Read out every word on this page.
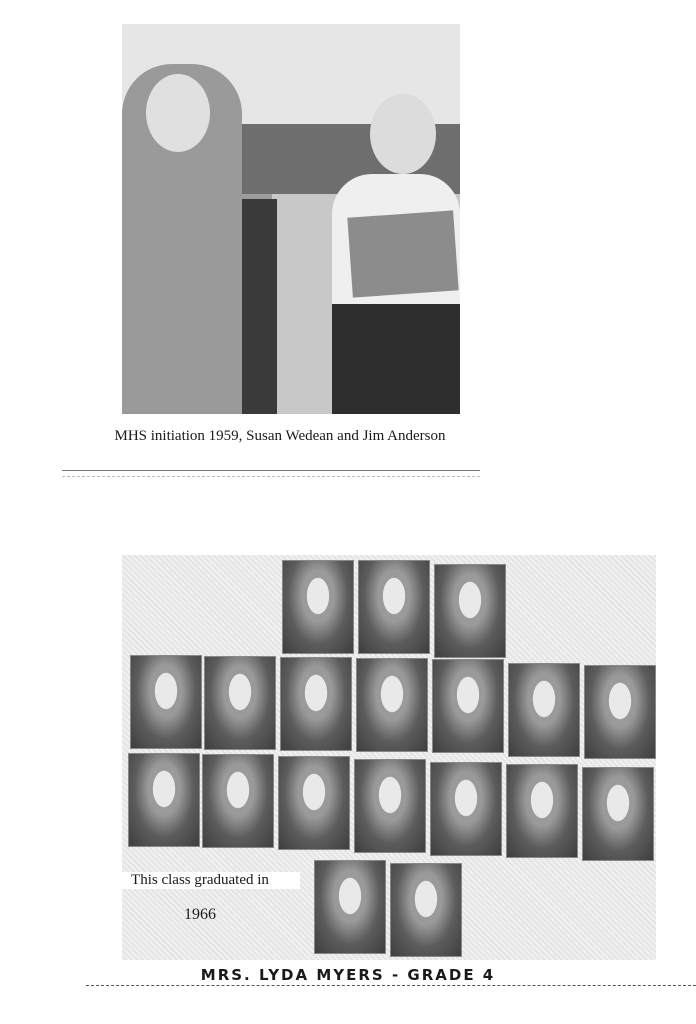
MHS initiation 1959, Susan Wedean and Jim Anderson
This class graduated in
1966
MRS. LYDA MYERS - GRADE 4
